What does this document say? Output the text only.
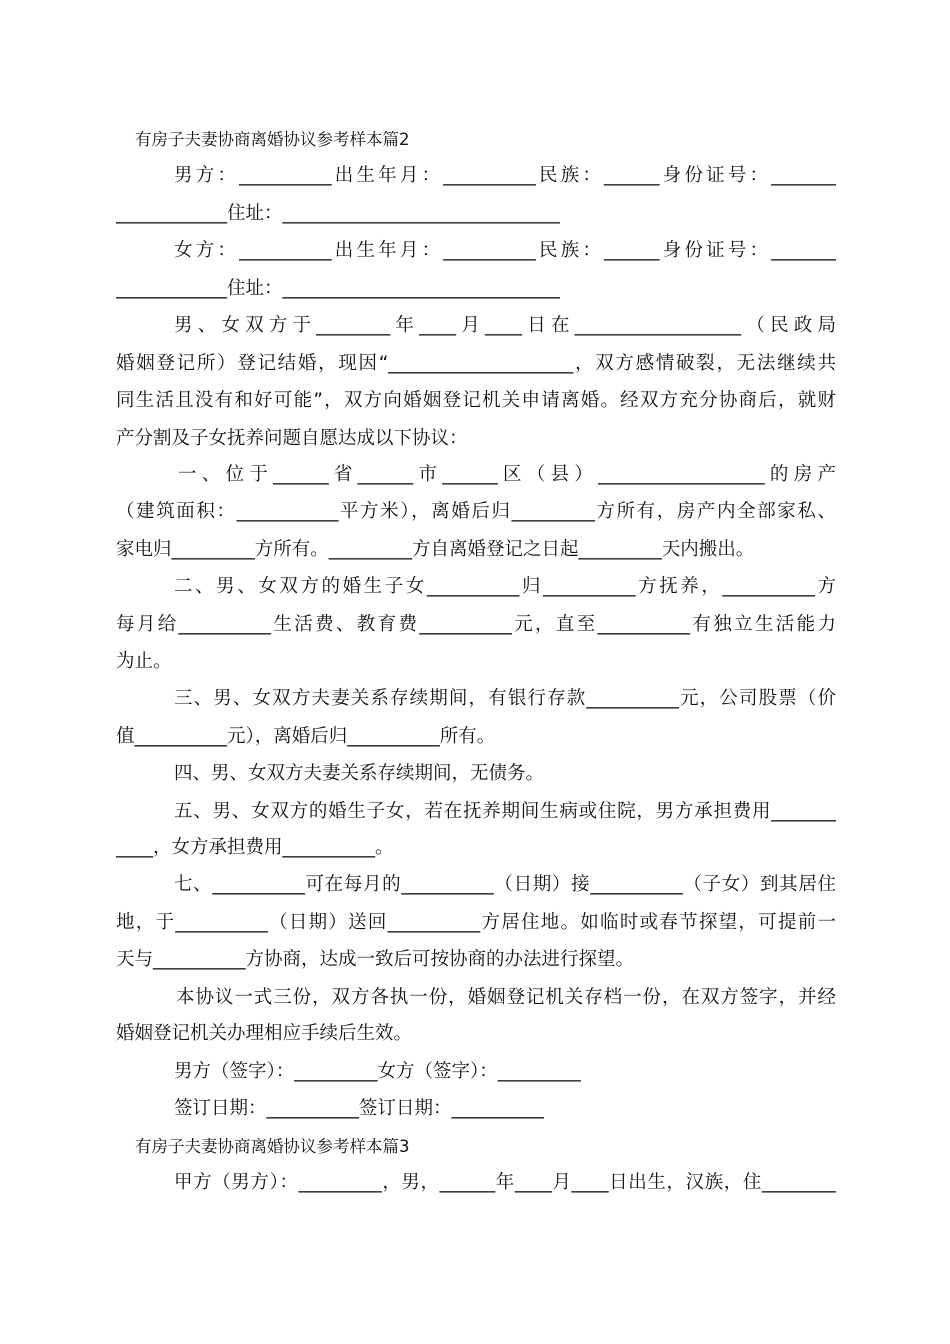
有房子夫妻协商离婚协议参考样本篇2

男方：__________出生年月：__________民族：______身份证号：_______

____________住址：______________________________

女方：__________出生年月：__________民族：______身份证号：_______

____________住址：______________________________

男、女双方于________年____月____日在__________________（民政局

婚姻登记所）登记结婚，现因“____________________，双方感情破裂，无法继续共

同生活且没有和好可能”，双方向婚姻登记机关申请离婚。经双方充分协商后，就财

产分割及子女抚养问题自愿达成以下协议：

一、位于______省______市______区（县）__________________的房产

（建筑面积：___________平方米），离婚后归_________方所有，房产内全部家私、

家电归_________方所有。_________方自离婚登记之日起_________天内搬出。

二、男、女双方的婚生子女__________归__________方抚养，__________方

每月给__________生活费、教育费__________元，直至__________有独立生活能力

为止。

三、男、女双方夫妻关系存续期间，有银行存款__________元，公司股票（价

值__________元），离婚后归__________所有。

四、男、女双方夫妻关系存续期间，无债务。

五、男、女双方的婚生子女，若在抚养期间生病或住院，男方承担费用_______

____，女方承担费用__________。

七、__________可在每月的__________（日期）接__________（子女）到其居住

地，于__________（日期）送回__________方居住地。如临时或春节探望，可提前一

天与__________方协商，达成一致后可按协商的办法进行探望。

本协议一式三份，双方各执一份，婚姻登记机关存档一份，在双方签字，并经

婚姻登记机关办理相应手续后生效。

男方（签字）：_________女方（签字）：_________

签订日期：__________签订日期：__________

有房子夫妻协商离婚协议参考样本篇3

甲方（男方）：_________，男，______年____月____日出生，汉族，住________
